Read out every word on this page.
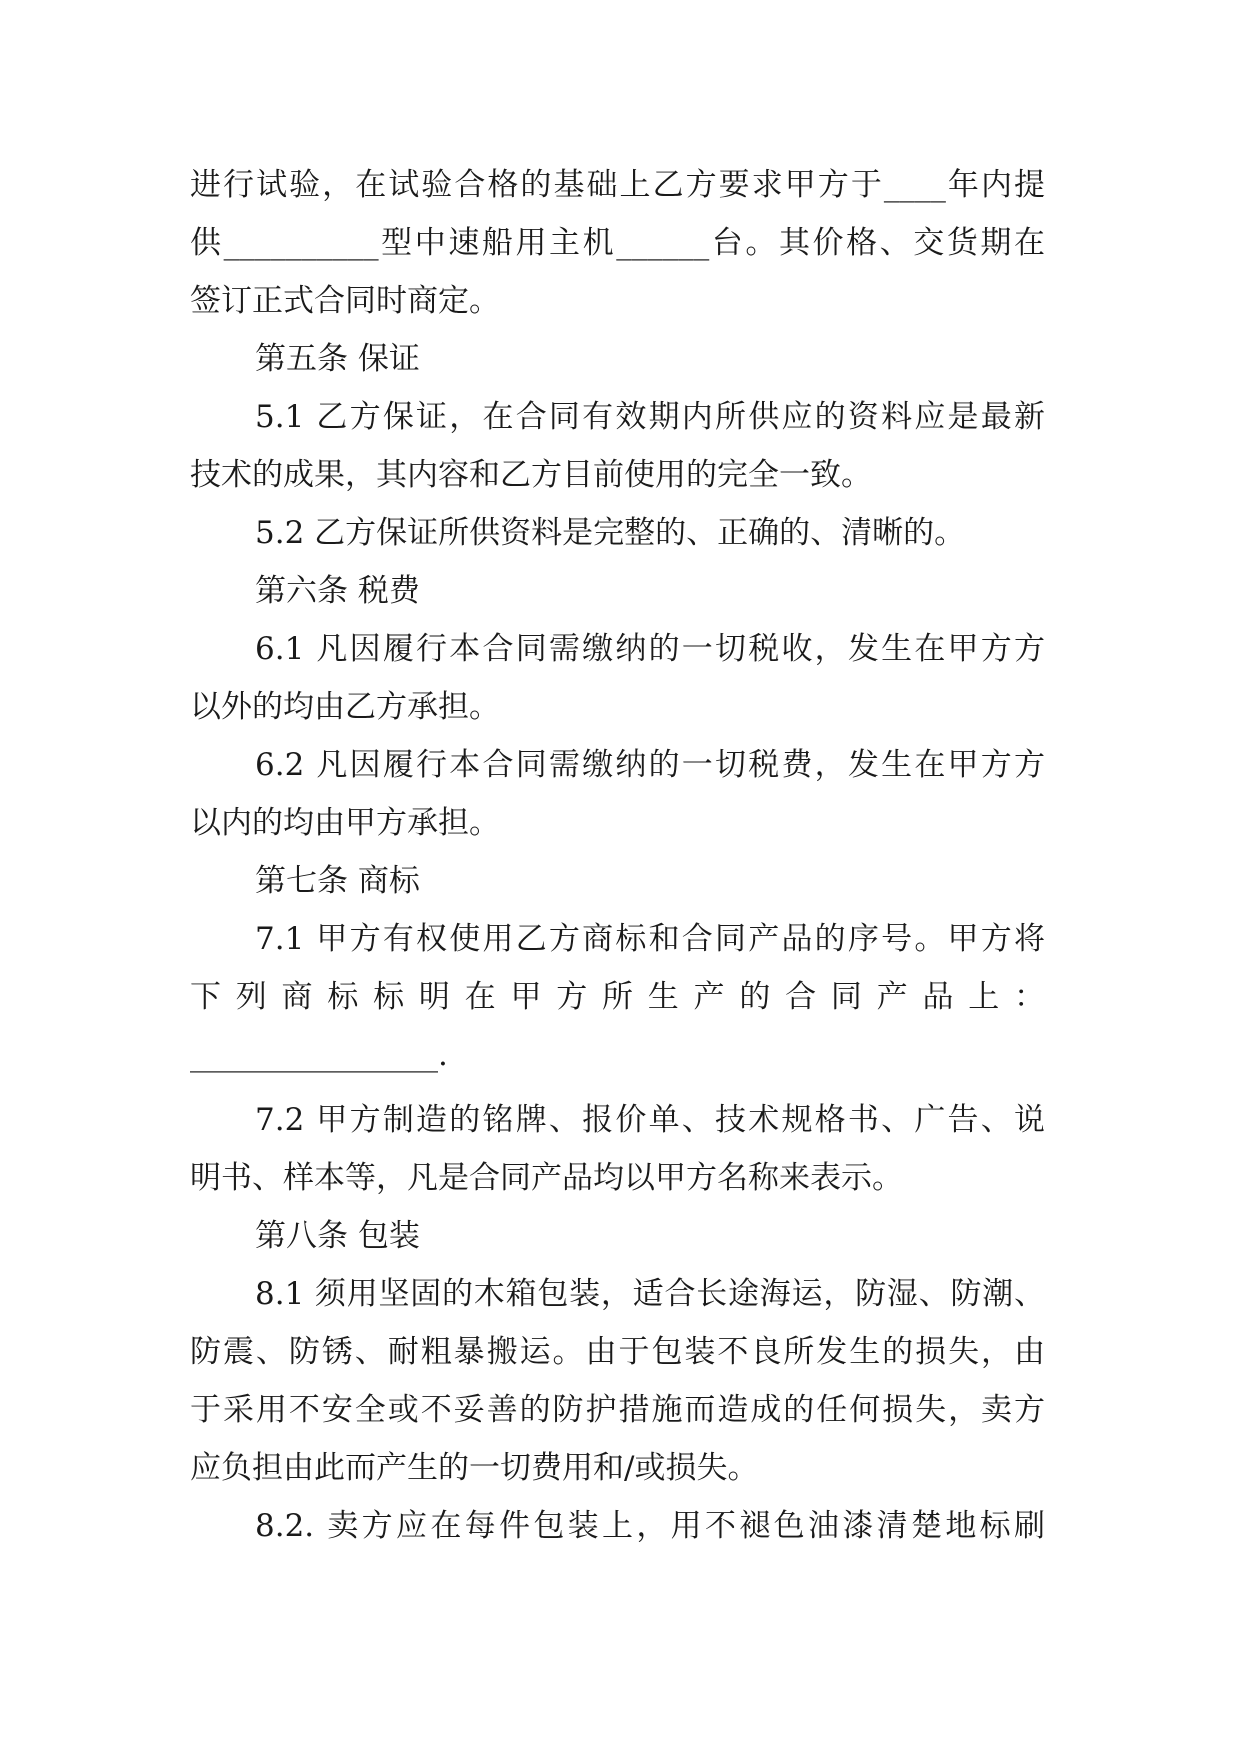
进行试验，在试验合格的基础上乙方要求甲方于____年内提
供__________型中速船用主机______台。其价格、交货期在
签订正式合同时商定。
第五条 保证
5.1 乙方保证，在合同有效期内所供应的资料应是最新
技术的成果，其内容和乙方目前使用的完全一致。
5.2 乙方保证所供资料是完整的、正确的、清晰的。
第六条 税费
6.1 凡因履行本合同需缴纳的一切税收，发生在甲方方
以外的均由乙方承担。
6.2 凡因履行本合同需缴纳的一切税费，发生在甲方方
以内的均由甲方承担。
第七条 商标
7.1 甲方有权使用乙方商标和合同产品的序号。甲方将
下列商标标明在甲方所生产的合同产品上：
________________.
7.2 甲方制造的铭牌、报价单、技术规格书、广告、说
明书、样本等，凡是合同产品均以甲方名称来表示。
第八条 包装
8.1 须用坚固的木箱包装，适合长途海运，防湿、防潮、
防震、防锈、耐粗暴搬运。由于包装不良所发生的损失，由
于采用不安全或不妥善的防护措施而造成的任何损失，卖方
应负担由此而产生的一切费用和/或损失。
8.2. 卖方应在每件包装上，用不褪色油漆清楚地标刷
